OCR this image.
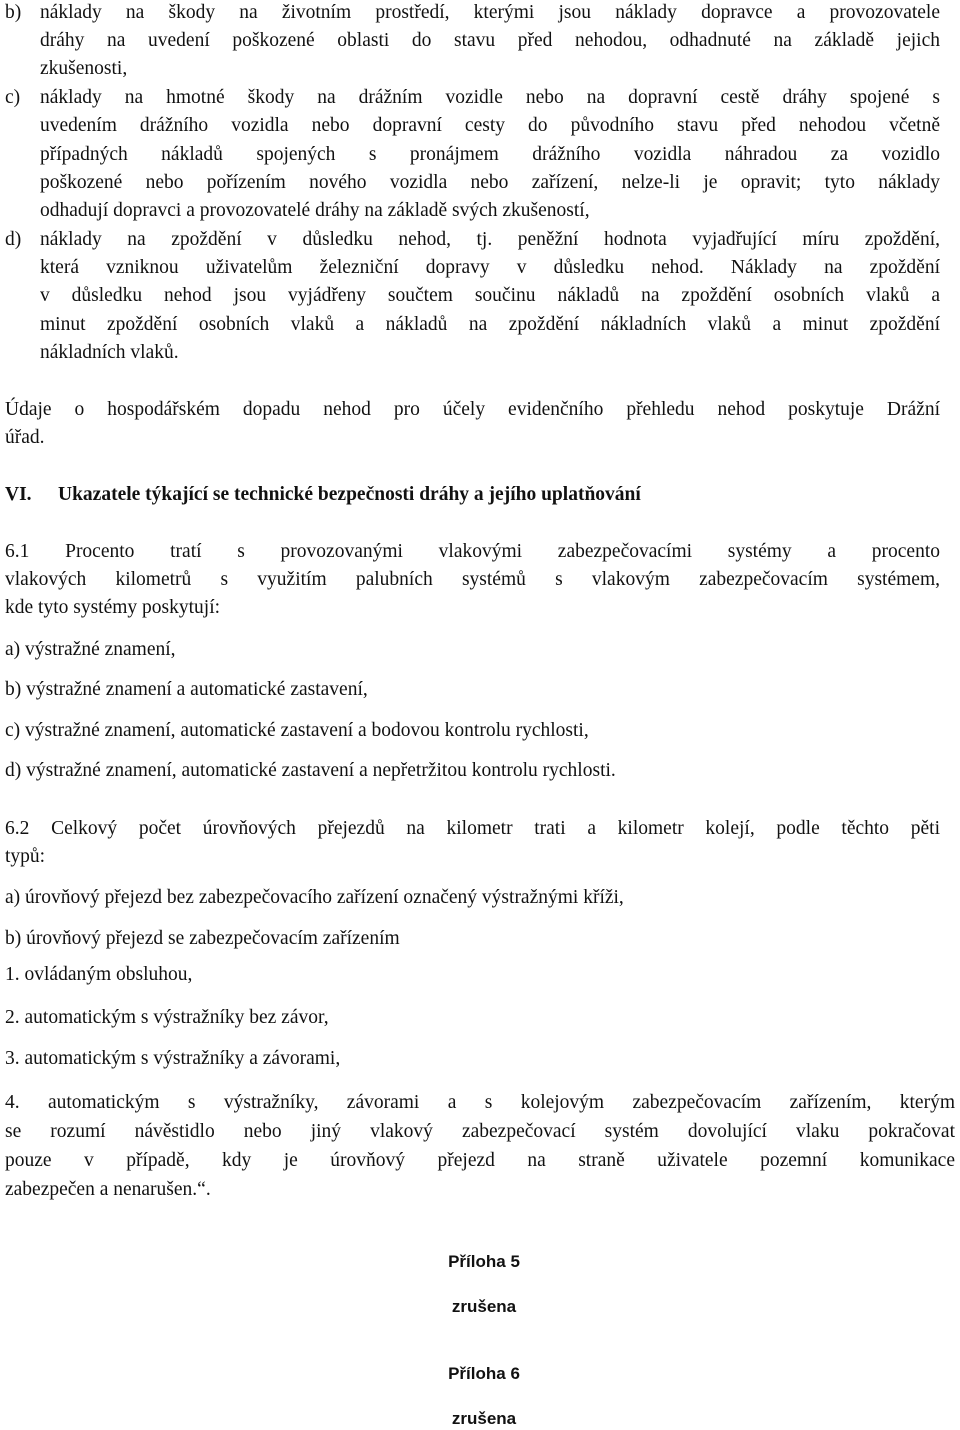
b) náklady na škody na životním prostředí, kterými jsou náklady dopravce a provozovatele

dráhy na uvedení poškozené oblasti do stavu před nehodou, odhadnuté na základě jejich

zkušenosti,

c) náklady na hmotné škody na drážním vozidle nebo na dopravní cestě dráhy spojené s

uvedením drážního vozidla nebo dopravní cesty do původního stavu před nehodou včetně

případných nákladů spojených s pronájmem drážního vozidla náhradou za vozidlo

poškozené nebo pořízením nového vozidla nebo zařízení, nelze-li je opravit; tyto náklady

odhadují dopravci a provozovatelé dráhy na základě svých zkušeností,

d) náklady na zpoždění v důsledku nehod, tj. peněžní hodnota vyjadřující míru zpoždění,

která vzniknou uživatelům železniční dopravy v důsledku nehod. Náklady na zpoždění

v důsledku nehod jsou vyjádřeny součtem součinu nákladů na zpoždění osobních vlaků a

minut zpoždění osobních vlaků a nákladů na zpoždění nákladních vlaků a minut zpoždění

nákladních vlaků.

Údaje o hospodářském dopadu nehod pro účely evidenčního přehledu nehod poskytuje Drážní

úřad.

VI. Ukazatele týkající se technické bezpečnosti dráhy a jejího uplatňování

6.1 Procento tratí s provozovanými vlakovými zabezpečovacími systémy a procento

vlakových kilometrů s využitím palubních systémů s vlakovým zabezpečovacím systémem,

kde tyto systémy poskytují:

a) výstražné znamení,

b) výstražné znamení a automatické zastavení,

c) výstražné znamení, automatické zastavení a bodovou kontrolu rychlosti,

d) výstražné znamení, automatické zastavení a nepřetržitou kontrolu rychlosti.

6.2 Celkový počet úrovňových přejezdů na kilometr trati a kilometr kolejí, podle těchto pěti

typů:

a) úrovňový přejezd bez zabezpečovacího zařízení označený výstražnými kříži,

b) úrovňový přejezd se zabezpečovacím zařízením

1. ovládaným obsluhou,

2. automatickým s výstražníky bez závor,

3. automatickým s výstražníky a závorami,

4. automatickým s výstražníky, závorami a s kolejovým zabezpečovacím zařízením, kterým

se rozumí návěstidlo nebo jiný vlakový zabezpečovací systém dovolující vlaku pokračovat

pouze v případě, kdy je úrovňový přejezd na straně uživatele pozemní komunikace

zabezpečen a nenarušen.“.

Příloha 5

zrušena

Příloha 6

zrušena
